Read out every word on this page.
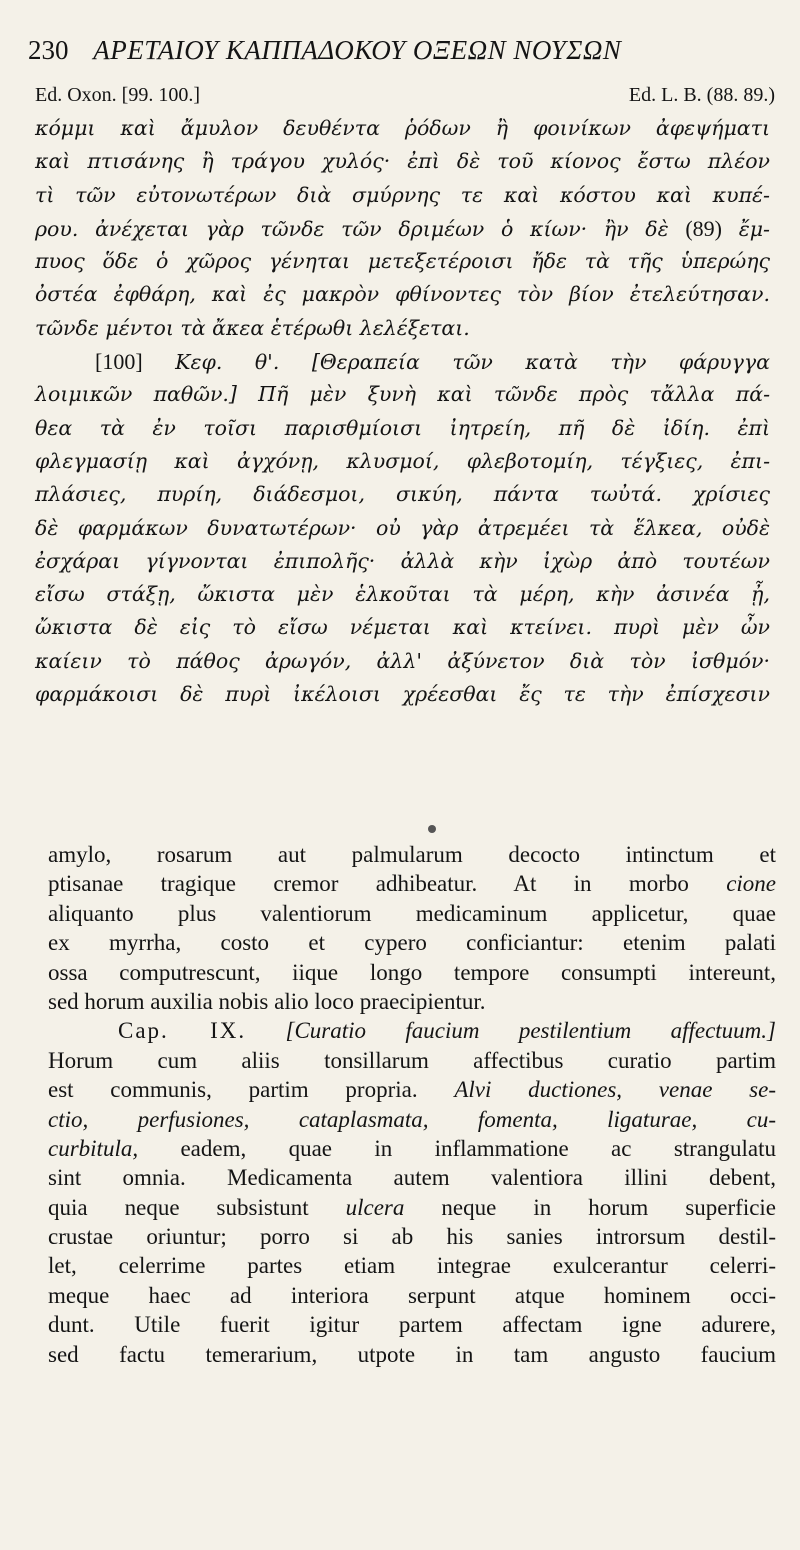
230 ΑΡΕΤΑΙΟΥ ΚΑΠΠΑΔΟΚΟΥ ΟΞΕΩΝ ΝΟΥΣΩΝ
Ed. Oxon. [99. 100.]	Ed. L. B. (88. 89.)
κόμμι καὶ ἄμυλον δευθέντα ῥόδων ἢ φοινίκων ἀφεψήματι
καὶ πτισάνης ἢ τράγου χυλός· ἐπὶ δὲ τοῦ κίονος ἔστω πλέον
τὶ τῶν εὐτονωτέρων διὰ σμύρνης τε καὶ κόστου καὶ κυπέ-
ρου. ἀνέχεται γὰρ τῶνδε τῶν δριμέων ὁ κίων· ἢν δὲ (89) ἔμ-
πυος ὅδε ὁ χῶρος γένηται μετεξετέροισι ἤδε τὰ τῆς ὑπερώης
ὀστέα ἐφθάρη, καὶ ἐς μακρὸν φθίνοντες τὸν βίον ἐτελεύτησαν.
τῶνδε μέντοι τὰ ἄκεα ἑτέρωθι λελέξεται.
[100] Κεφ. θ'. [Θεραπεία τῶν κατὰ τὴν φάρυγγα
λοιμικῶν παθῶν.] Πῆ μὲν ξυνὴ καὶ τῶνδε πρὸς τἄλλα πά-
θεα τὰ ἐν τοῖσι παρισθμίοισι ἰητρείη, πῆ δὲ ἰδίη. ἐπὶ
φλεγμασίῃ καὶ ἀγχόνῃ, κλυσμοί, φλεβοτομίη, τέγξιες, ἐπι-
πλάσιες, πυρίη, διάδεσμοι, σικύη, πάντα τωὐτά. χρίσιες
δὲ φαρμάκων δυνατωτέρων· οὐ γὰρ ἀτρεμέει τὰ ἕλκεα, οὐδὲ
ἐσχάραι γίγνονται ἐπιπολῆς· ἀλλὰ κὴν ἰχὼρ ἀπὸ τουτέων
εἴσω στάξῃ, ὤκιστα μὲν ἑλκοῦται τὰ μέρη, κὴν ἀσινέα ᾖ,
ὤκιστα δὲ εἰς τὸ εἴσω νέμεται καὶ κτείνει. πυρὶ μὲν ὦν
καίειν τὸ πάθος ἀρωγόν, ἀλλ' ἀξύνετον διὰ τὸν ἰσθμόν·
φαρμάκοισι δὲ πυρὶ ἰκέλοισι χρέεσθαι ἔς τε τὴν ἐπίσχεσιν
amylo, rosarum aut palmularum decocto intinctum et
ptisanae tragique cremor adhibeatur. At in morbo cione
aliquanto plus valentiorum medicaminum applicetur, quae
ex myrrha, costo et cypero conficiantur: etenim palati
ossa computrescunt, iique longo tempore consumpti intereunt,
sed horum auxilia nobis alio loco praecipientur.
Cap. IX. [Curatio faucium pestilentium affectuum.]
Horum cum aliis tonsillarum affectibus curatio partim
est communis, partim propria. Alvi ductiones, venae se-
ctio, perfusiones, cataplasmata, fomenta, ligaturae, cu-
curbitula, eadem, quae in inflammatione ac strangulatu
sint omnia. Medicamenta autem valentiora illini debent,
quia neque subsistunt ulcera neque in horum superficie
crustae oriuntur; porro si ab his sanies introrsum destil-
let, celerrime partes etiam integrae exulcerantur celerri-
meque haec ad interiora serpunt atque hominem occi-
dunt. Utile fuerit igitur partem affectam igne adurere,
sed factu temerarium, utpote in tam angusto faucium
